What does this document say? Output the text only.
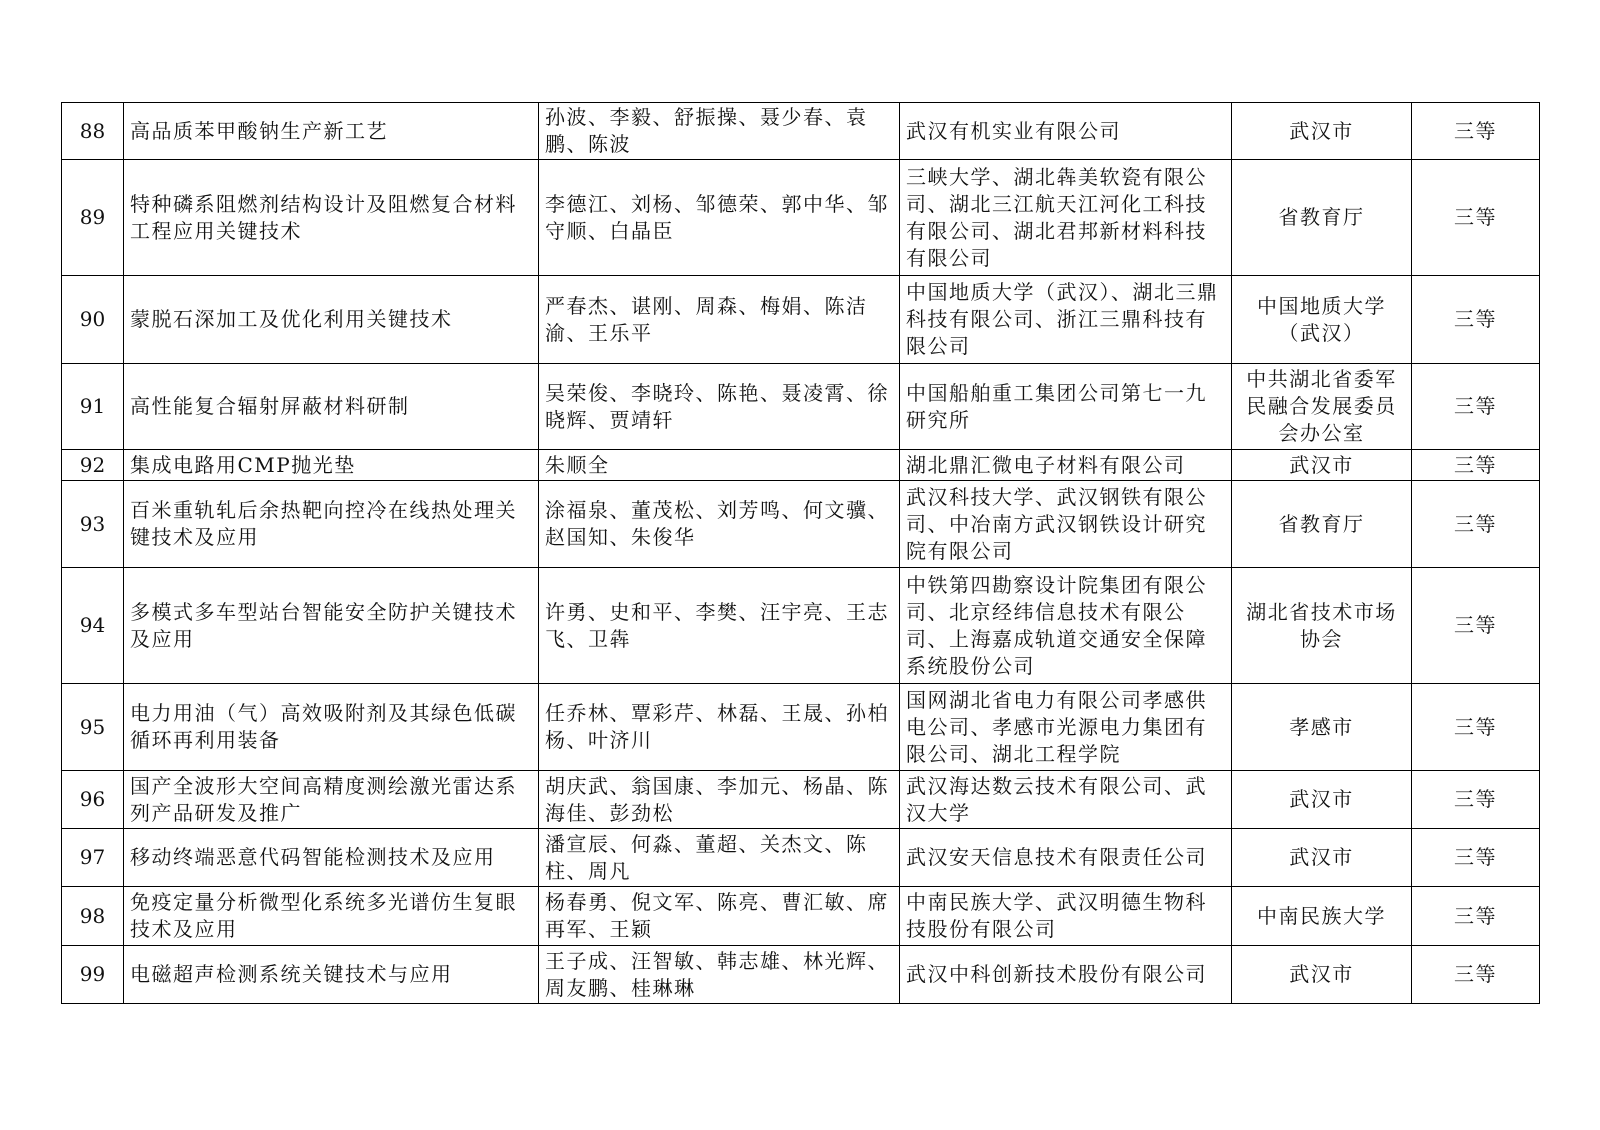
88	高品质苯甲酸钠生产新工艺	孙波、李毅、舒振操、聂少春、袁鹏、陈波	武汉有机实业有限公司	武汉市	三等
89	特种磷系阻燃剂结构设计及阻燃复合材料工程应用关键技术	李德江、刘杨、邹德荣、郭中华、邹守顺、白晶臣	三峡大学、湖北犇美软瓷有限公司、湖北三江航天江河化工科技有限公司、湖北君邦新材料科技有限公司	省教育厅	三等
90	蒙脱石深加工及优化利用关键技术	严春杰、谌刚、周森、梅娟、陈洁渝、王乐平	中国地质大学（武汉）、湖北三鼎科技有限公司、浙江三鼎科技有限公司	中国地质大学（武汉）	三等
91	高性能复合辐射屏蔽材料研制	吴荣俊、李晓玲、陈艳、聂凌霄、徐晓辉、贾靖轩	中国船舶重工集团公司第七一九研究所	中共湖北省委军民融合发展委员会办公室	三等
92	集成电路用CMP抛光垫	朱顺全	湖北鼎汇微电子材料有限公司	武汉市	三等
93	百米重轨轧后余热靶向控冷在线热处理关键技术及应用	涂福泉、董茂松、刘芳鸣、何文骥、赵国知、朱俊华	武汉科技大学、武汉钢铁有限公司、中冶南方武汉钢铁设计研究院有限公司	省教育厅	三等
94	多模式多车型站台智能安全防护关键技术及应用	许勇、史和平、李樊、汪宇亮、王志飞、卫犇	中铁第四勘察设计院集团有限公司、北京经纬信息技术有限公司、上海嘉成轨道交通安全保障系统股份公司	湖北省技术市场协会	三等
95	电力用油（气）高效吸附剂及其绿色低碳循环再利用装备	任乔林、覃彩芹、林磊、王晟、孙柏杨、叶济川	国网湖北省电力有限公司孝感供电公司、孝感市光源电力集团有限公司、湖北工程学院	孝感市	三等
96	国产全波形大空间高精度测绘激光雷达系列产品研发及推广	胡庆武、翁国康、李加元、杨晶、陈海佳、彭劲松	武汉海达数云技术有限公司、武汉大学	武汉市	三等
97	移动终端恶意代码智能检测技术及应用	潘宣辰、何淼、董超、关杰文、陈柱、周凡	武汉安天信息技术有限责任公司	武汉市	三等
98	免疫定量分析微型化系统多光谱仿生复眼技术及应用	杨春勇、倪文军、陈亮、曹汇敏、席再军、王颖	中南民族大学、武汉明德生物科技股份有限公司	中南民族大学	三等
99	电磁超声检测系统关键技术与应用	王子成、汪智敏、韩志雄、林光辉、周友鹏、桂琳琳	武汉中科创新技术股份有限公司	武汉市	三等
